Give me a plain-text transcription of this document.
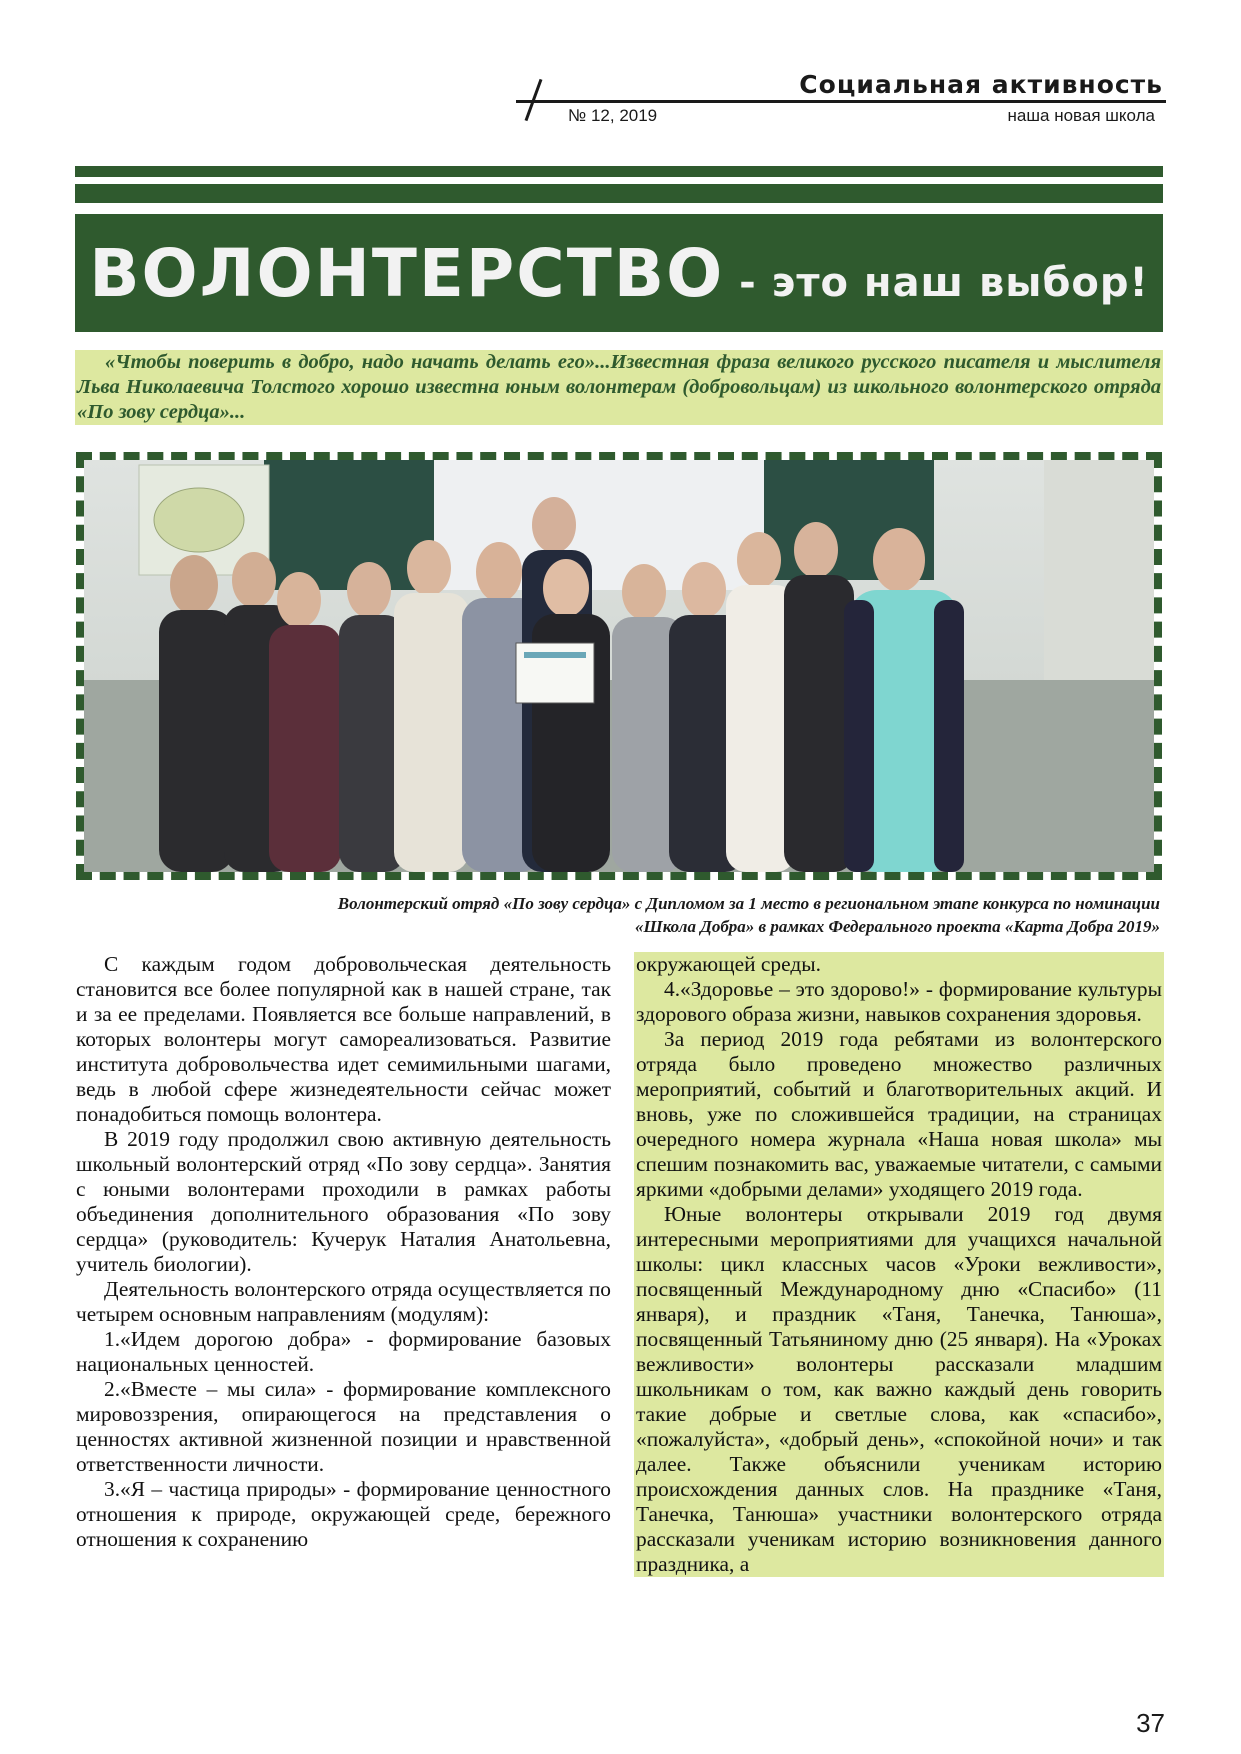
Социальная активность
№ 12, 2019	наша новая школа
ВОЛОНТЕРСТВО - это наш выбор!
«Чтобы поверить в добро, надо начать делать его»...Известная фраза великого русского писателя и мыслителя Льва Николаевича Толстого хорошо известна юным волонтерам (добровольцам) из школьного волонтерского отряда «По зову сердца»...
Волонтерский отряд «По зову сердца» с Дипломом за 1 место в региональном этапе конкурса по номинации
«Школа Добра» в рамках Федерального проекта «Карта Добра 2019»

С каждым годом добровольческая деятельность становится все более популярной как в нашей стране, так и за ее пределами. Появляется все больше направлений, в которых волонтеры могут самореализоваться. Развитие института добровольчества идет семимильными шагами, ведь в любой сфере жизнедеятельности сейчас может понадобиться помощь волонтера.

В 2019 году продолжил свою активную деятельность школьный волонтерский отряд «По зову сердца». Занятия с юными волонтерами проходили в рамках работы объединения дополнительного образования «По зову сердца» (руководитель: Кучерук Наталия Анатольевна, учитель биологии).

Деятельность волонтерского отряда осуществляется по четырем основным направлениям (модулям):

1.«Идем дорогою добра» - формирование базовых национальных ценностей.

2.«Вместе – мы сила» - формирование комплексного мировоззрения, опирающегося на представления о ценностях активной жизненной позиции и нравственной ответственности личности.

3.«Я – частица природы» - формирование ценностного отношения к природе, окружающей среде, бережного отношения к сохранению

окружающей среды.

4.«Здоровье – это здорово!» - формирование культуры здорового образа жизни, навыков сохранения здоровья.

За период 2019 года ребятами из волонтерского отряда было проведено множество различных мероприятий, событий и благотворительных акций. И вновь, уже по сложившейся традиции, на страницах очередного номера журнала «Наша новая школа» мы спешим познакомить вас, уважаемые читатели, с самыми яркими «добрыми делами» уходящего 2019 года.

Юные волонтеры открывали 2019 год двумя интересными мероприятиями для учащихся начальной школы: цикл классных часов «Уроки вежливости», посвященный Международному дню «Спасибо» (11 января), и праздник «Таня, Танечка, Танюша», посвященный Татьяниному дню (25 января). На «Уроках вежливости» волонтеры рассказали младшим школьникам о том, как важно каждый день говорить такие добрые и светлые слова, как «спасибо», «пожалуйста», «добрый день», «спокойной ночи» и так далее. Также объяснили ученикам историю происхождения данных слов. На празднике «Таня, Танечка, Танюша» участники волонтерского отряда рассказали ученикам историю возникновения данного праздника, а

37
